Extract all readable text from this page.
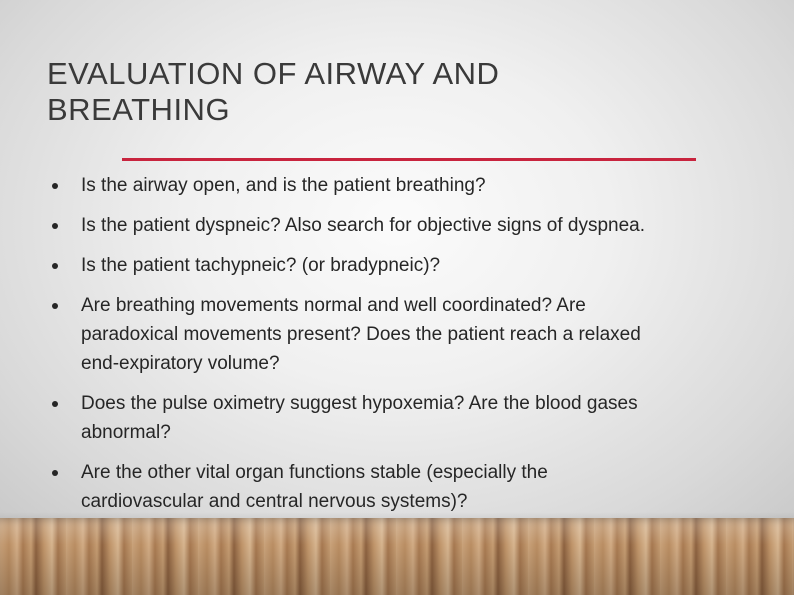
EVALUATION OF AIRWAY AND
BREATHING
Is the airway open, and is the patient breathing?
Is the patient dyspneic? Also search for objective signs of dyspnea.
Is the patient tachypneic? (or bradypneic)?
Are breathing movements normal and well coordinated? Are
paradoxical movements present? Does the patient reach a relaxed
end-expiratory volume?
Does the pulse oximetry suggest hypoxemia? Are the blood gases
abnormal?
Are the other vital organ functions stable (especially the
cardiovascular and central nervous systems)?
